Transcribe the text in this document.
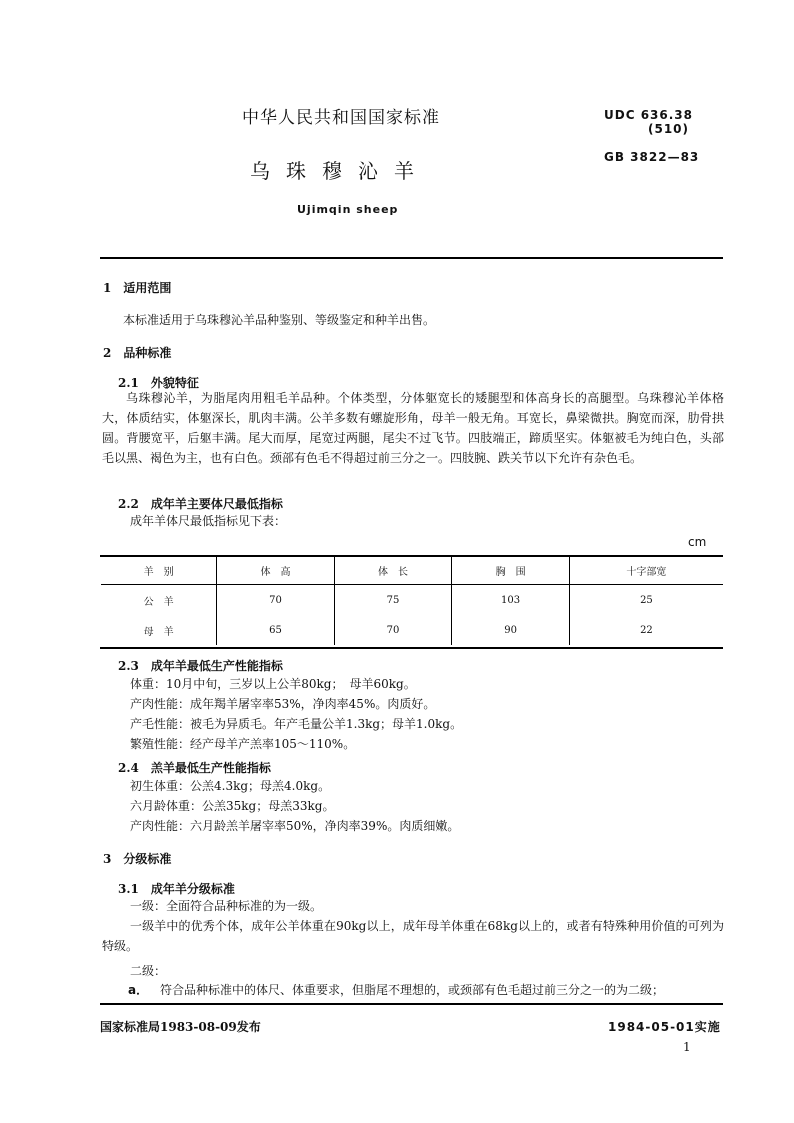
中华人民共和国国家标准	UDC 636.38
(510)
GB 3822—83
乌珠穆沁羊
Ujimqin sheep
1　适用范围
本标准适用于乌珠穆沁羊品种鉴别、等级鉴定和种羊出售。
2　品种标准
2.1　外貌特征
乌珠穆沁羊，为脂尾肉用粗毛羊品种。个体类型，分体躯宽长的矮腿型和体高身长的高腿型。乌珠穆沁羊体格大，体质结实，体躯深长，肌肉丰满。公羊多数有螺旋形角，母羊一般无角。耳宽长，鼻梁微拱。胸宽而深，肋骨拱圆。背腰宽平，后躯丰满。尾大而厚，尾宽过两腿，尾尖不过飞节。四肢端正，蹄质坚实。体躯被毛为纯白色，头部毛以黑、褐色为主，也有白色。颈部有色毛不得超过前三分之一。四肢腕、跌关节以下允许有杂色毛。
2.2　成年羊主要体尺最低指标
成年羊体尺最低指标见下表：
cm
羊　别	体　高	体　长	胸　围	十字部宽
公　羊	70	75	103	25
母　羊	65	70	90	22
2.3　成年羊最低生产性能指标
体重：10月中旬，三岁以上公羊80kg；　母羊60kg。
产肉性能：成年羯羊屠宰率53%，净肉率45%。肉质好。
产毛性能：被毛为异质毛。年产毛量公羊1.3kg；母羊1.0kg。
繁殖性能：经产母羊产羔率105～110%。
2.4　羔羊最低生产性能指标
初生体重：公羔4.3kg；母羔4.0kg。
六月龄体重：公羔35kg；母羔33kg。
产肉性能：六月龄羔羊屠宰率50%，净肉率39%。肉质细嫩。
3　分级标准
3.1　成年羊分级标准
一级：全面符合品种标准的为一级。
一级羊中的优秀个体，成年公羊体重在90kg以上，成年母羊体重在68kg以上的，或者有特殊种用价值的可列为特级。
二级：
a． 符合品种标准中的体尺、体重要求，但脂尾不理想的，或颈部有色毛超过前三分之一的为二级；
国家标准局1983-08-09发布	1984-05-01实施
1
